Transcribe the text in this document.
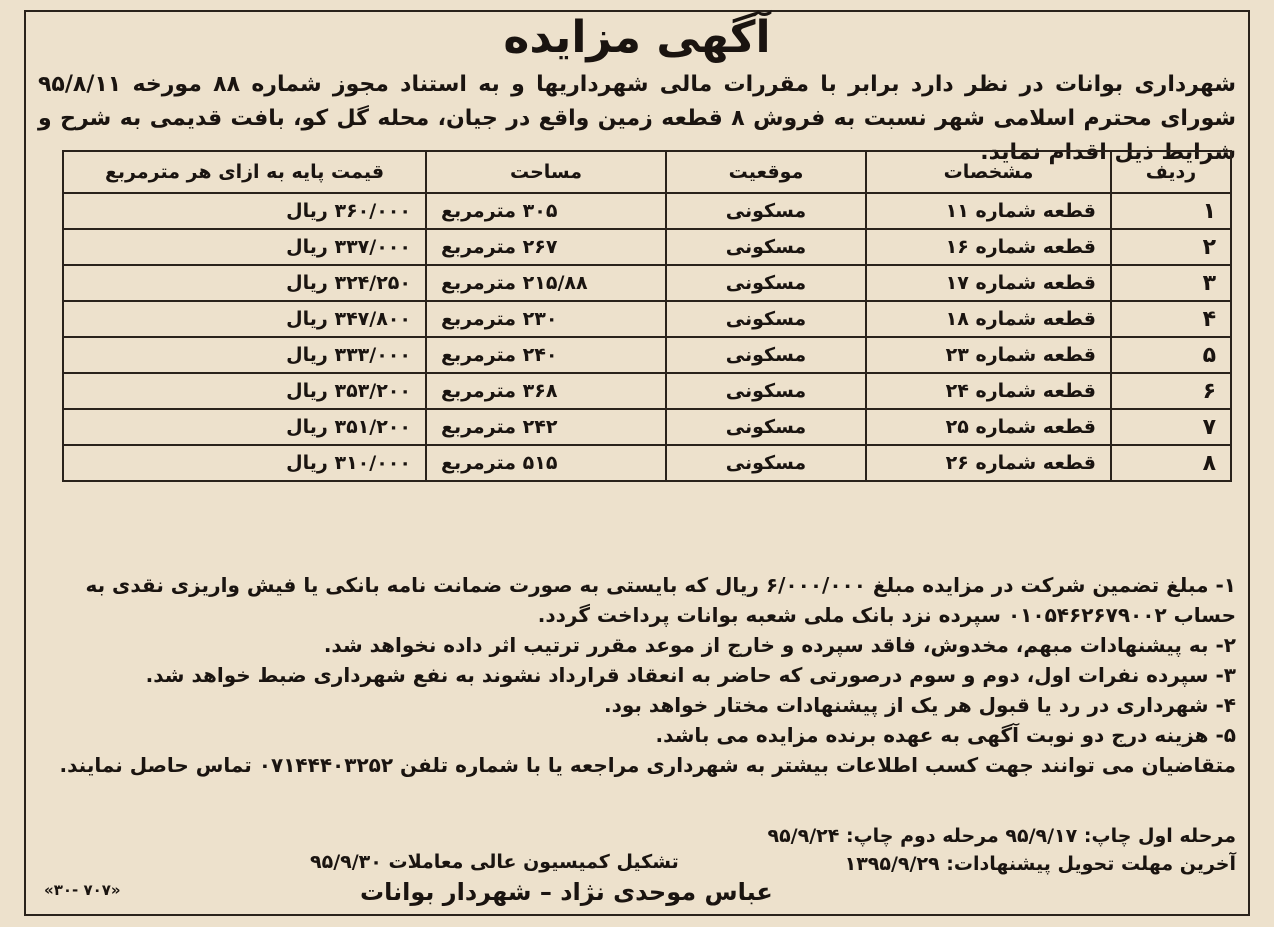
آگهی مزایده
شهرداری بوانات در نظر دارد برابر با مقررات مالی شهرداریها و به استناد مجوز شماره ۸۸ مورخه ۹۵/۸/۱۱ شورای محترم اسلامی شهر نسبت به فروش ۸ قطعه زمین واقع در جیان، محله گل کو، بافت قدیمی به شرح و شرایط ذیل اقدام نماید.
ردیف	مشخصات	موقعیت	مساحت	قیمت پایه به ازای هر مترمربع
۱	قطعه شماره ۱۱	مسکونی	۳۰۵ مترمربع	۳۶۰/۰۰۰ ریال
۲	قطعه شماره ۱۶	مسکونی	۲۶۷ مترمربع	۳۳۷/۰۰۰ ریال
۳	قطعه شماره ۱۷	مسکونی	۲۱۵/۸۸ مترمربع	۳۲۴/۲۵۰ ریال
۴	قطعه شماره ۱۸	مسکونی	۲۳۰ مترمربع	۳۴۷/۸۰۰ ریال
۵	قطعه شماره ۲۳	مسکونی	۲۴۰ مترمربع	۳۳۳/۰۰۰ ریال
۶	قطعه شماره ۲۴	مسکونی	۳۶۸ مترمربع	۳۵۳/۲۰۰ ریال
۷	قطعه شماره ۲۵	مسکونی	۲۴۲ مترمربع	۳۵۱/۲۰۰ ریال
۸	قطعه شماره ۲۶	مسکونی	۵۱۵ مترمربع	۳۱۰/۰۰۰ ریال

۱- مبلغ تضمین شرکت در مزایده مبلغ ۶/۰۰۰/۰۰۰ ریال که بایستی به صورت ضمانت نامه بانکی یا فیش واریزی نقدی به حساب ۰۱۰۵۴۶۲۶۷۹۰۰۲ سپرده نزد بانک ملی شعبه بوانات پرداخت گردد.

۲- به پیشنهادات مبهم، مخدوش، فاقد سپرده و خارج از موعد مقرر ترتیب اثر داده نخواهد شد.

۳- سپرده نفرات اول، دوم و سوم درصورتی که حاضر به انعقاد قرارداد نشوند به نفع شهرداری ضبط خواهد شد.

۴- شهرداری در رد یا قبول هر یک از پیشنهادات مختار خواهد بود.

۵- هزینه درج دو نوبت آگهی به عهده برنده مزایده می باشد.

متقاضیان می توانند جهت کسب اطلاعات بیشتر به شهرداری مراجعه یا با شماره تلفن ۰۷۱۴۴۴۰۳۲۵۲ تماس حاصل نمایند.

مرحله اول چاپ: ۹۵/۹/۱۷ مرحله دوم چاپ: ۹۵/۹/۲۴
آخرین مهلت تحویل پیشنهادات: ۱۳۹۵/۹/۲۹
تشکیل کمیسیون عالی معاملات ۹۵/۹/۳۰
عباس موحدی نژاد – شهردار بوانات
«۳۰- ۷۰۷»
